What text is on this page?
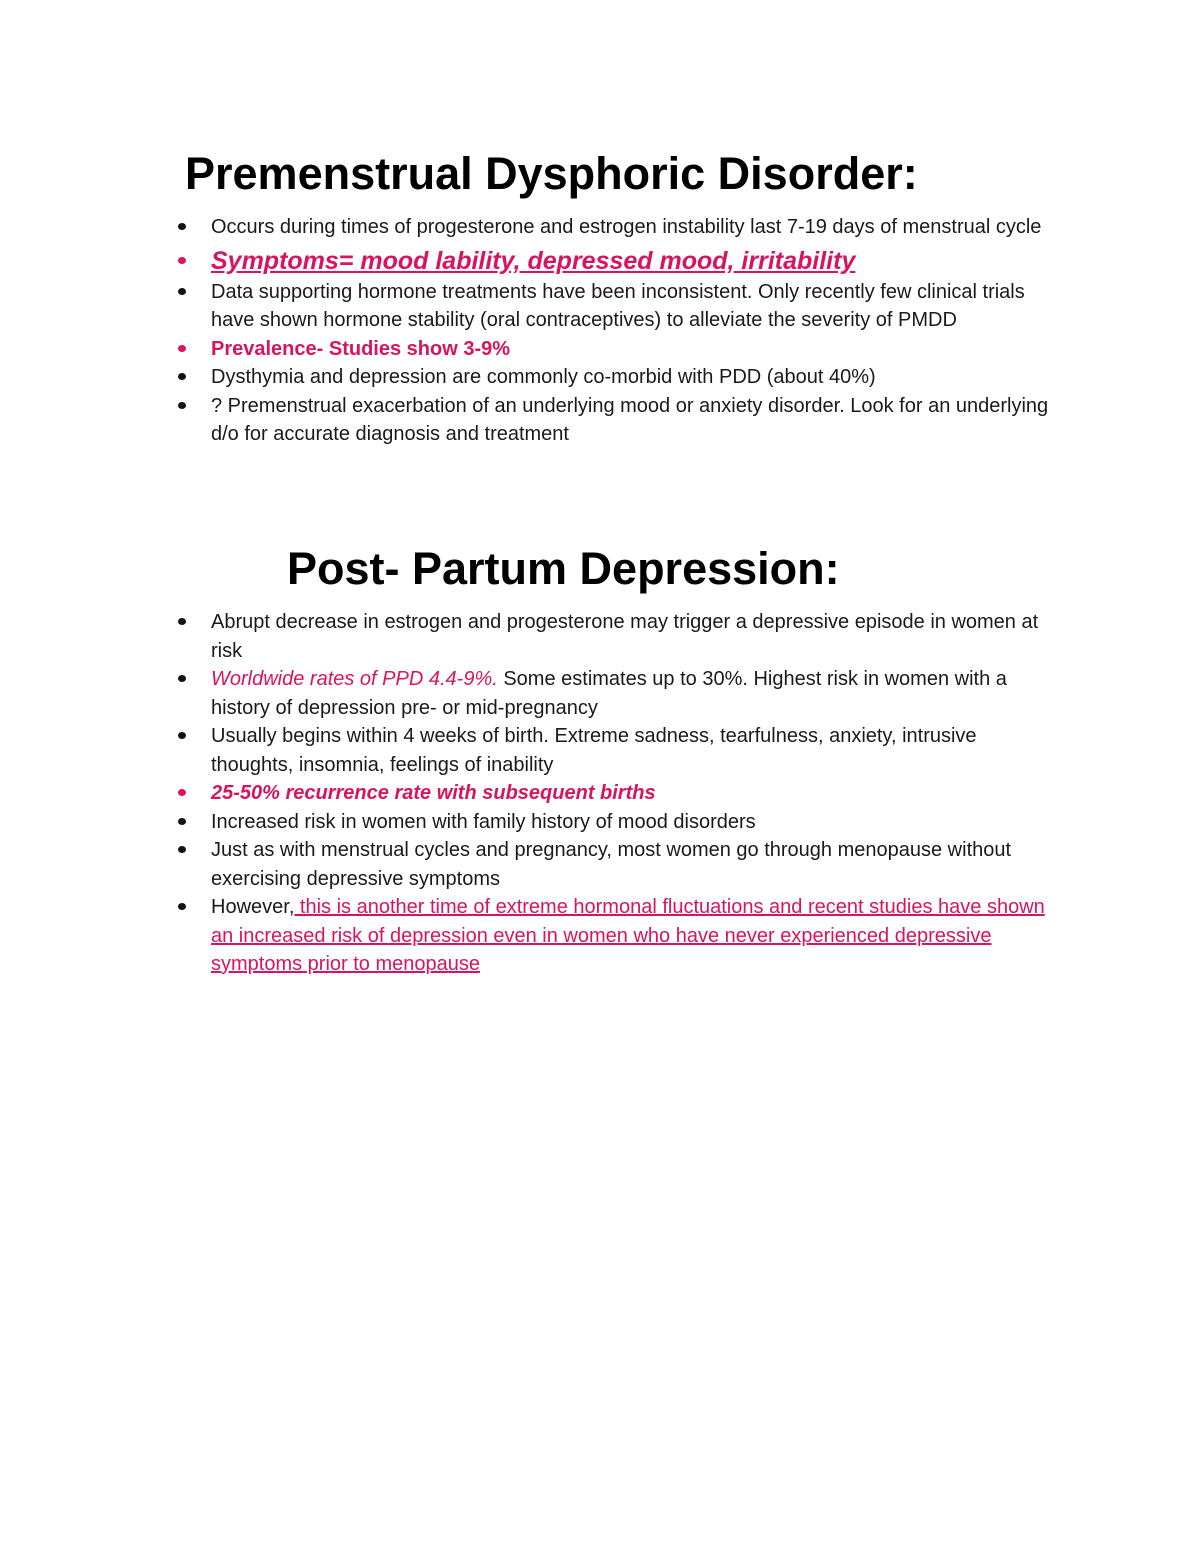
Premenstrual Dysphoric Disorder:
Occurs during times of progesterone and estrogen instability last 7-19 days of menstrual cycle
Symptoms= mood lability, depressed mood, irritability
Data supporting hormone treatments have been inconsistent. Only recently few clinical trials have shown hormone stability (oral contraceptives) to alleviate the severity of PMDD
Prevalence- Studies show 3-9%
Dysthymia and depression are commonly co-morbid with PDD (about 40%)
? Premenstrual exacerbation of an underlying mood or anxiety disorder. Look for an underlying d/o for accurate diagnosis and treatment
Post- Partum Depression:
Abrupt decrease in estrogen and progesterone may trigger a depressive episode in women at risk
Worldwide rates of PPD 4.4-9%. Some estimates up to 30%. Highest risk in women with a history of depression pre- or mid-pregnancy
Usually begins within 4 weeks of birth. Extreme sadness, tearfulness, anxiety, intrusive thoughts, insomnia, feelings of inability
25-50% recurrence rate with subsequent births
Increased risk in women with family history of mood disorders
Just as with menstrual cycles and pregnancy, most women go through menopause without exercising depressive symptoms
However, this is another time of extreme hormonal fluctuations and recent studies have shown an increased risk of depression even in women who have never experienced depressive symptoms prior to menopause
